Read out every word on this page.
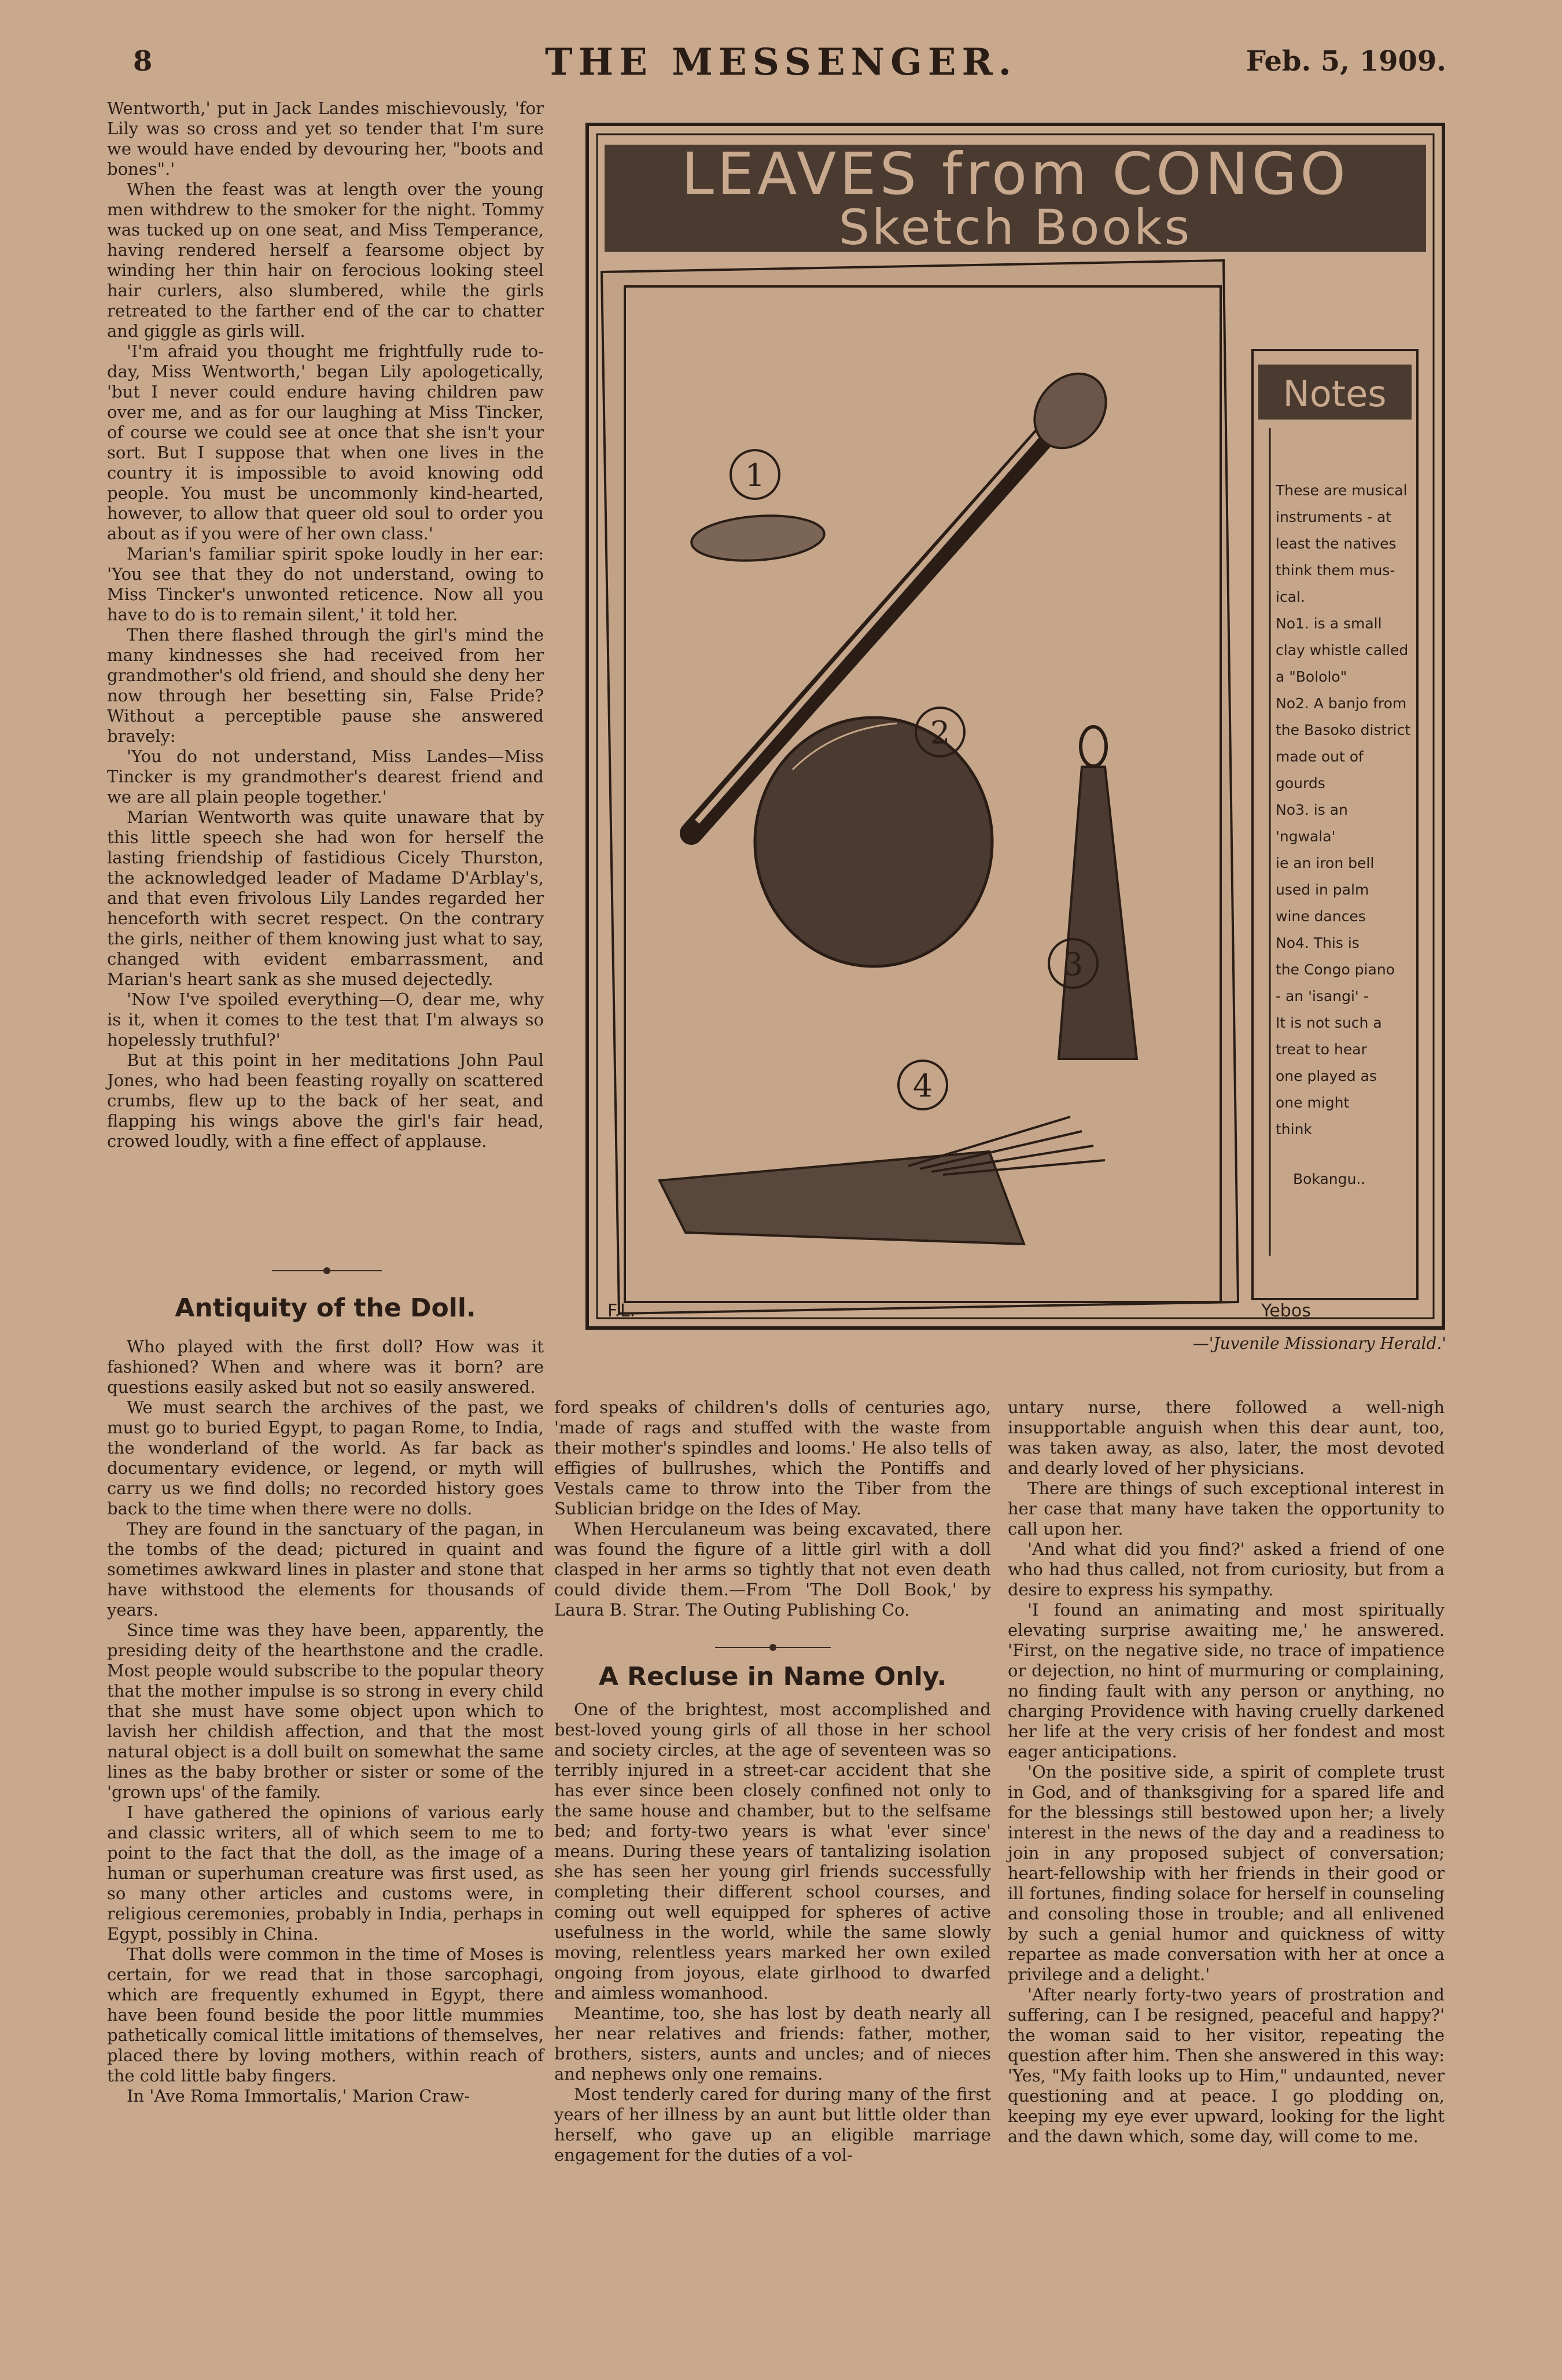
8	THE MESSENGER.	Feb. 5, 1909.

Wentworth,' put in Jack Landes mischievously, 'for Lily was so cross and yet so tender that I'm sure we would have ended by devouring her, "boots and bones".'

When the feast was at length over the young men withdrew to the smoker for the night. Tommy was tucked up on one seat, and Miss Temperance, having rendered herself a fearsome object by winding her thin hair on ferocious looking steel hair curlers, also slumbered, while the girls retreated to the farther end of the car to chatter and giggle as girls will.

'I'm afraid you thought me frightfully rude to-day, Miss Wentworth,' began Lily apologetically, 'but I never could endure having children paw over me, and as for our laughing at Miss Tincker, of course we could see at once that she isn't your sort. But I suppose that when one lives in the country it is impossible to avoid knowing odd people. You must be uncommonly kind-hearted, however, to allow that queer old soul to order you about as if you were of her own class.'

Marian's familiar spirit spoke loudly in her ear: 'You see that they do not understand, owing to Miss Tincker's unwonted reticence. Now all you have to do is to remain silent,' it told her.

Then there flashed through the girl's mind the many kindnesses she had received from her grandmother's old friend, and should she deny her now through her besetting sin, False Pride? Without a perceptible pause she answered bravely:

'You do not understand, Miss Landes—Miss Tincker is my grandmother's dearest friend and we are all plain people together.'

Marian Wentworth was quite unaware that by this little speech she had won for herself the lasting friendship of fastidious Cicely Thurston, the acknowledged leader of Madame D'Arblay's, and that even frivolous Lily Landes regarded her henceforth with secret respect. On the contrary the girls, neither of them knowing just what to say, changed with evident embarrassment, and Marian's heart sank as she mused dejectedly.

'Now I've spoiled everything—O, dear me, why is it, when it comes to the test that I'm always so hopelessly truthful?'

But at this point in her meditations John Paul Jones, who had been feasting royally on scattered crumbs, flew up to the back of her seat, and flapping his wings above the girl's fair head, crowed loudly, with a fine effect of applause.

Antiquity of the Doll.

Who played with the first doll? How was it fashioned? When and where was it born? are questions easily asked but not so easily answered.

We must search the archives of the past, we must go to buried Egypt, to pagan Rome, to India, the wonderland of the world. As far back as documentary evidence, or legend, or myth will carry us we find dolls; no recorded history goes back to the time when there were no dolls.

They are found in the sanctuary of the pagan, in the tombs of the dead; pictured in quaint and sometimes awkward lines in plaster and stone that have withstood the elements for thousands of years.

Since time was they have been, apparently, the presiding deity of the hearthstone and the cradle. Most people would subscribe to the popular theory that the mother impulse is so strong in every child that she must have some object upon which to lavish her childish affection, and that the most natural object is a doll built on somewhat the same lines as the baby brother or sister or some of the 'grown ups' of the family.

I have gathered the opinions of various early and classic writers, all of which seem to me to point to the fact that the doll, as the image of a human or superhuman creature was first used, as so many other articles and customs were, in religious ceremonies, probably in India, perhaps in Egypt, possibly in China.

That dolls were common in the time of Moses is certain, for we read that in those sarcophagi, which are frequently exhumed in Egypt, there have been found beside the poor little mummies pathetically comical little imitations of themselves, placed there by loving mothers, within reach of the cold little baby fingers.

In 'Ave Roma Immortalis,' Marion Craw-

ford speaks of children's dolls of centuries ago, 'made of rags and stuffed with the waste from their mother's spindles and looms.' He also tells of effigies of bullrushes, which the Pontiffs and Vestals came to throw into the Tiber from the Sublician bridge on the Ides of May.

When Herculaneum was being excavated, there was found the figure of a little girl with a doll clasped in her arms so tightly that not even death could divide them.—From 'The Doll Book,' by Laura B. Strar. The Outing Publishing Co.

A Recluse in Name Only.

One of the brightest, most accomplished and best-loved young girls of all those in her school and society circles, at the age of seventeen was so terribly injured in a street-car accident that she has ever since been closely confined not only to the same house and chamber, but to the selfsame bed; and forty-two years is what 'ever since' means. During these years of tantalizing isolation she has seen her young girl friends successfully completing their different school courses, and coming out well equipped for spheres of active usefulness in the world, while the same slowly moving, relentless years marked her own exiled ongoing from joyous, elate girlhood to dwarfed and aimless womanhood.

Meantime, too, she has lost by death nearly all her near relatives and friends: father, mother, brothers, sisters, aunts and uncles; and of nieces and nephews only one remains.

Most tenderly cared for during many of the first years of her illness by an aunt but little older than herself, who gave up an eligible marriage engagement for the duties of a vol-

untary nurse, there followed a well-nigh insupportable anguish when this dear aunt, too, was taken away, as also, later, the most devoted and dearly loved of her physicians.

There are things of such exceptional interest in her case that many have taken the opportunity to call upon her.

'And what did you find?' asked a friend of one who had thus called, not from curiosity, but from a desire to express his sympathy.

'I found an animating and most spiritually elevating surprise awaiting me,' he answered. 'First, on the negative side, no trace of impatience or dejection, no hint of murmuring or complaining, no finding fault with any person or anything, no charging Providence with having cruelly darkened her life at the very crisis of her fondest and most eager anticipations.

'On the positive side, a spirit of complete trust in God, and of thanksgiving for a spared life and for the blessings still bestowed upon her; a lively interest in the news of the day and a readiness to join in any proposed subject of conversation; heart-fellowship with her friends in their good or ill fortunes, finding solace for herself in counseling and consoling those in trouble; and all enlivened by such a genial humor and quickness of witty repartee as made conversation with her at once a privilege and a delight.'

'After nearly forty-two years of prostration and suffering, can I be resigned, peaceful and happy?' the woman said to her visitor, repeating the question after him. Then she answered in this way: 'Yes, "My faith looks up to Him," undaunted, never questioning and at peace. I go plodding on, keeping my eye ever upward, looking for the light and the dawn which, some day, will come to me.

LEAVES from CONGO
Sketch Books
Notes
1
2
3
4
F.L.	Yebos
These are musical
instruments - at
least the natives
think them mus-
ical.
No1. is a small
clay whistle called
a "Bololo"
No2. A banjo from
the Basoko district
made out of gourds
No3. is an 'ngwala'
ie an iron bell
used in palm
wine dances
No4. This is
the Congo piano
- an 'isangi' -
It is not such a
treat to hear
one played as
one might
think
Bokangu..
—'Juvenile Missionary Herald.'
